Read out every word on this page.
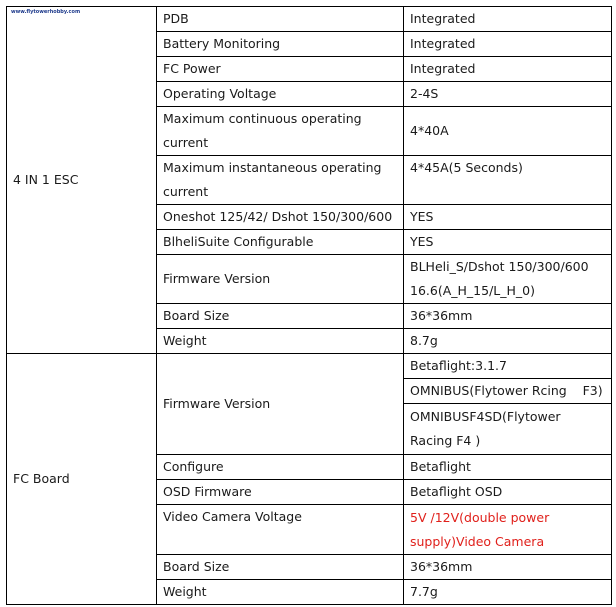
www.flytowerhobby.com
4 IN 1 ESC	PDB	Integrated
	Battery Monitoring	Integrated
	FC Power	Integrated
	Operating Voltage	2-4S
	Maximum continuous operating current	4*40A
	Maximum instantaneous operating current	4*45A(5 Seconds)
	Oneshot 125/42/ Dshot 150/300/600	YES
	BlheliSuite Configurable	YES
	Firmware Version	BLHeli_S/Dshot 150/300/600 16.6(A_H_15/L_H_0)
	Board Size	36*36mm
	Weight	8.7g

FC Board	Firmware Version	Betaflight:3.1.7
		OMNIBUS(Flytower Rcing    F3)
		OMNIBUSF4SD(Flytower Racing F4 )
	Configure	Betaflight
	OSD Firmware	Betaflight OSD
	Video Camera Voltage	5V /12V(double power supply)Video Camera
	Board Size	36*36mm
	Weight	7.7g
